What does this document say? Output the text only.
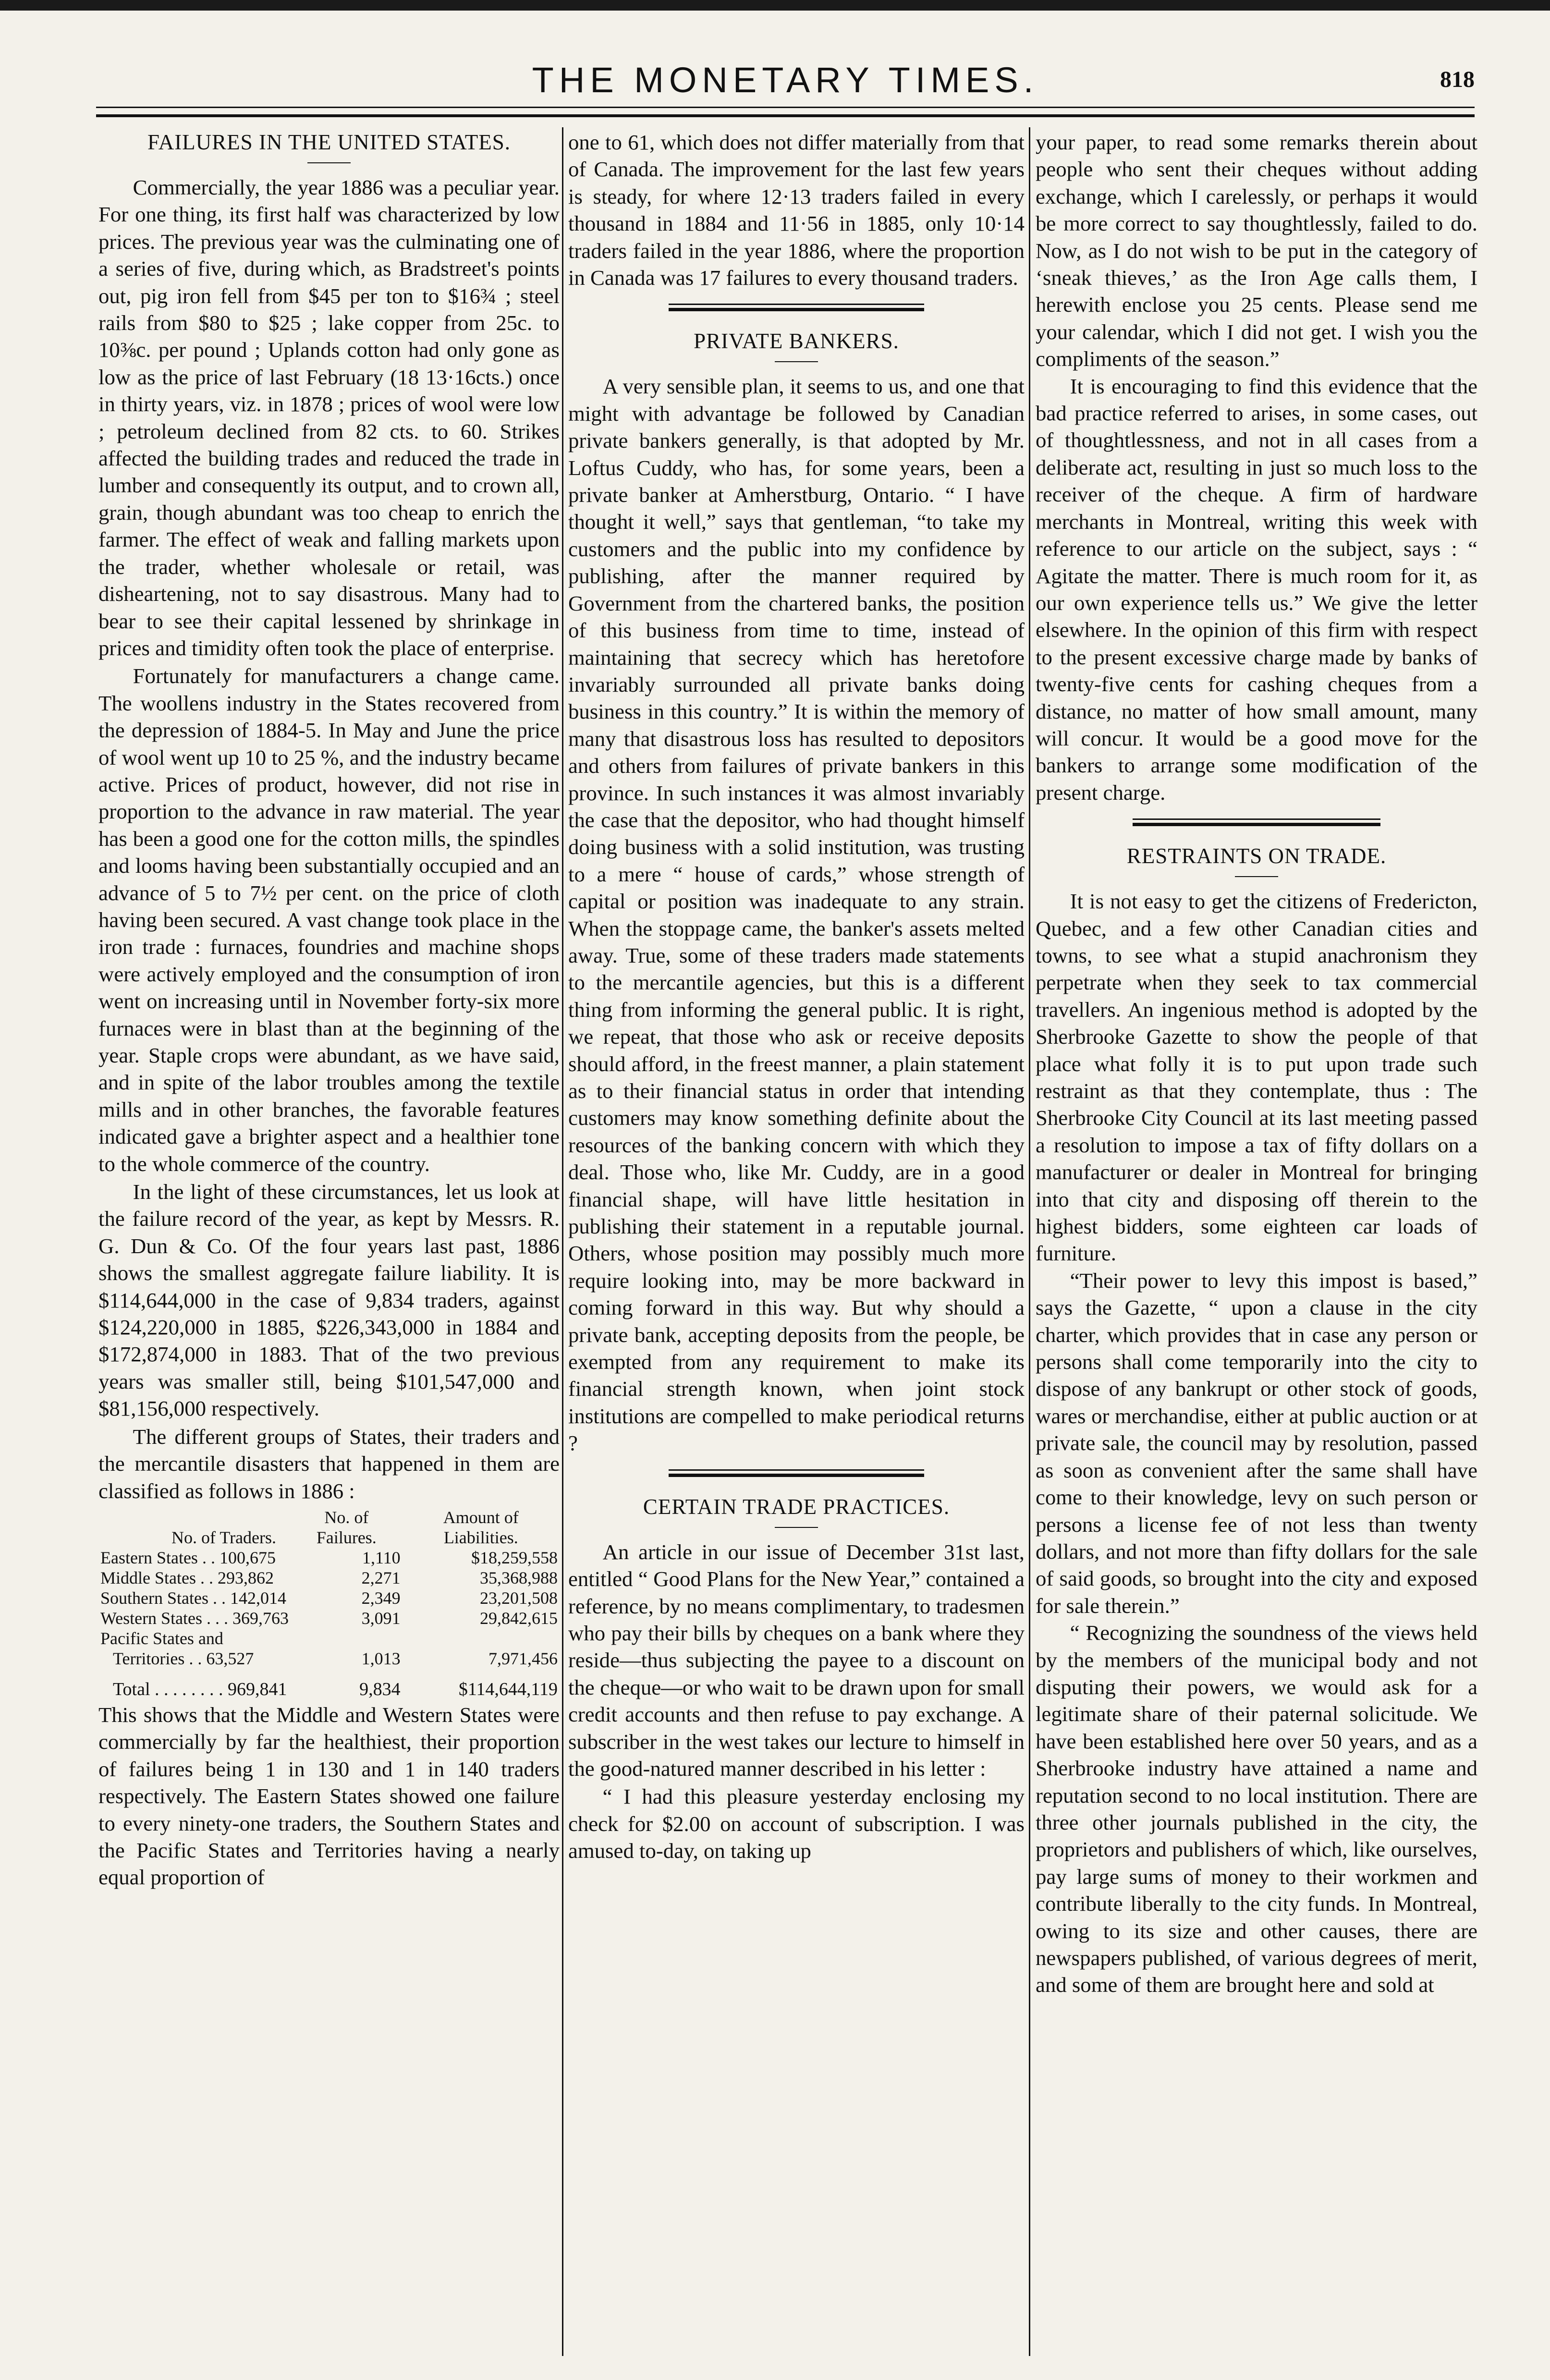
THE MONETARY TIMES.	818
FAILURES IN THE UNITED STATES.

Commercially, the year 1886 was a peculiar year. For one thing, its first half was characterized by low prices. The previous year was the culminating one of a series of five, during which, as Bradstreet's points out, pig iron fell from $45 per ton to $16¾ ; steel rails from $80 to $25 ; lake copper from 25c. to 10⅜c. per pound ; Uplands cotton had only gone as low as the price of last February (18 13·16cts.) once in thirty years, viz. in 1878 ; prices of wool were low ; petroleum declined from 82 cts. to 60. Strikes affected the building trades and reduced the trade in lumber and consequently its output, and to crown all, grain, though abundant was too cheap to enrich the farmer. The effect of weak and falling markets upon the trader, whether wholesale or retail, was disheartening, not to say disastrous. Many had to bear to see their capital lessened by shrinkage in prices and timidity often took the place of enterprise.

Fortunately for manufacturers a change came. The woollens industry in the States recovered from the depression of 1884-5. In May and June the price of wool went up 10 to 25 %, and the industry became active. Prices of product, however, did not rise in proportion to the advance in raw material. The year has been a good one for the cotton mills, the spindles and looms having been substantially occupied and an advance of 5 to 7½ per cent. on the price of cloth having been secured. A vast change took place in the iron trade : furnaces, foundries and machine shops were actively employed and the consumption of iron went on increasing until in November forty-six more furnaces were in blast than at the beginning of the year. Staple crops were abundant, as we have said, and in spite of the labor troubles among the textile mills and in other branches, the favorable features indicated gave a brighter aspect and a healthier tone to the whole commerce of the country.

In the light of these circumstances, let us look at the failure record of the year, as kept by Messrs. R. G. Dun & Co. Of the four years last past, 1886 shows the smallest aggregate failure liability. It is $114,644,000 in the case of 9,834 traders, against $124,220,000 in 1885, $226,343,000 in 1884 and $172,874,000 in 1883. That of the two previous years was smaller still, being $101,547,000 and $81,156,000 respectively.

The different groups of States, their traders and the mercantile disasters that happened in them are classified as follows in 1886 :

No. of Traders.	No. of Failures.	Amount of Liabilities.
Eastern States . . 100,675	1,110	$18,259,558
Middle States . . 293,862	2,271	35,368,988
Southern States . . 142,014	2,349	23,201,508
Western States . . . 369,763	3,091	29,842,615
Pacific States and		
Territories . . 63,527	1,013	7,971,456
Total . . . . . . . . 969,841	9,834	$114,644,119

This shows that the Middle and Western States were commercially by far the healthiest, their proportion of failures being 1 in 130 and 1 in 140 traders respectively. The Eastern States showed one failure to every ninety-one traders, the Southern States and the Pacific States and Territories having a nearly equal proportion of

one to 61, which does not differ materially from that of Canada. The improvement for the last few years is steady, for where 12·13 traders failed in every thousand in 1884 and 11·56 in 1885, only 10·14 traders failed in the year 1886, where the proportion in Canada was 17 failures to every thousand traders.

PRIVATE BANKERS.

A very sensible plan, it seems to us, and one that might with advantage be followed by Canadian private bankers generally, is that adopted by Mr. Loftus Cuddy, who has, for some years, been a private banker at Amherstburg, Ontario. “ I have thought it well,” says that gentleman, “to take my customers and the public into my confidence by publishing, after the manner required by Government from the chartered banks, the position of this business from time to time, instead of maintaining that secrecy which has heretofore invariably surrounded all private banks doing business in this country.” It is within the memory of many that disastrous loss has resulted to depositors and others from failures of private bankers in this province. In such instances it was almost invariably the case that the depositor, who had thought himself doing business with a solid institution, was trusting to a mere “ house of cards,” whose strength of capital or position was inadequate to any strain. When the stoppage came, the banker's assets melted away. True, some of these traders made statements to the mercantile agencies, but this is a different thing from informing the general public. It is right, we repeat, that those who ask or receive deposits should afford, in the freest manner, a plain statement as to their financial status in order that intending customers may know something definite about the resources of the banking concern with which they deal. Those who, like Mr. Cuddy, are in a good financial shape, will have little hesitation in publishing their statement in a reputable journal. Others, whose position may possibly much more require looking into, may be more backward in coming forward in this way. But why should a private bank, accepting deposits from the people, be exempted from any requirement to make its financial strength known, when joint stock institutions are compelled to make periodical returns ?

CERTAIN TRADE PRACTICES.

An article in our issue of December 31st last, entitled “ Good Plans for the New Year,” contained a reference, by no means complimentary, to tradesmen who pay their bills by cheques on a bank where they reside—thus subjecting the payee to a discount on the cheque—or who wait to be drawn upon for small credit accounts and then refuse to pay exchange. A subscriber in the west takes our lecture to himself in the good-natured manner described in his letter :

“ I had this pleasure yesterday enclosing my check for $2.00 on account of subscription. I was amused to-day, on taking up

your paper, to read some remarks therein about people who sent their cheques without adding exchange, which I carelessly, or perhaps it would be more correct to say thoughtlessly, failed to do. Now, as I do not wish to be put in the category of ‘sneak thieves,’ as the Iron Age calls them, I herewith enclose you 25 cents. Please send me your calendar, which I did not get. I wish you the compliments of the season.”

It is encouraging to find this evidence that the bad practice referred to arises, in some cases, out of thoughtlessness, and not in all cases from a deliberate act, resulting in just so much loss to the receiver of the cheque. A firm of hardware merchants in Montreal, writing this week with reference to our article on the subject, says : “ Agitate the matter. There is much room for it, as our own experience tells us.” We give the letter elsewhere. In the opinion of this firm with respect to the present excessive charge made by banks of twenty-five cents for cashing cheques from a distance, no matter of how small amount, many will concur. It would be a good move for the bankers to arrange some modification of the present charge.

RESTRAINTS ON TRADE.

It is not easy to get the citizens of Fredericton, Quebec, and a few other Canadian cities and towns, to see what a stupid anachronism they perpetrate when they seek to tax commercial travellers. An ingenious method is adopted by the Sherbrooke Gazette to show the people of that place what folly it is to put upon trade such restraint as that they contemplate, thus : The Sherbrooke City Council at its last meeting passed a resolution to impose a tax of fifty dollars on a manufacturer or dealer in Montreal for bringing into that city and disposing off therein to the highest bidders, some eighteen car loads of furniture.

“Their power to levy this impost is based,” says the Gazette, “ upon a clause in the city charter, which provides that in case any person or persons shall come temporarily into the city to dispose of any bankrupt or other stock of goods, wares or merchandise, either at public auction or at private sale, the council may by resolution, passed as soon as convenient after the same shall have come to their knowledge, levy on such person or persons a license fee of not less than twenty dollars, and not more than fifty dollars for the sale of said goods, so brought into the city and exposed for sale therein.”

“ Recognizing the soundness of the views held by the members of the municipal body and not disputing their powers, we would ask for a legitimate share of their paternal solicitude. We have been established here over 50 years, and as a Sherbrooke industry have attained a name and reputation second to no local institution. There are three other journals published in the city, the proprietors and publishers of which, like ourselves, pay large sums of money to their workmen and contribute liberally to the city funds. In Montreal, owing to its size and other causes, there are newspapers published, of various degrees of merit, and some of them are brought here and sold at
